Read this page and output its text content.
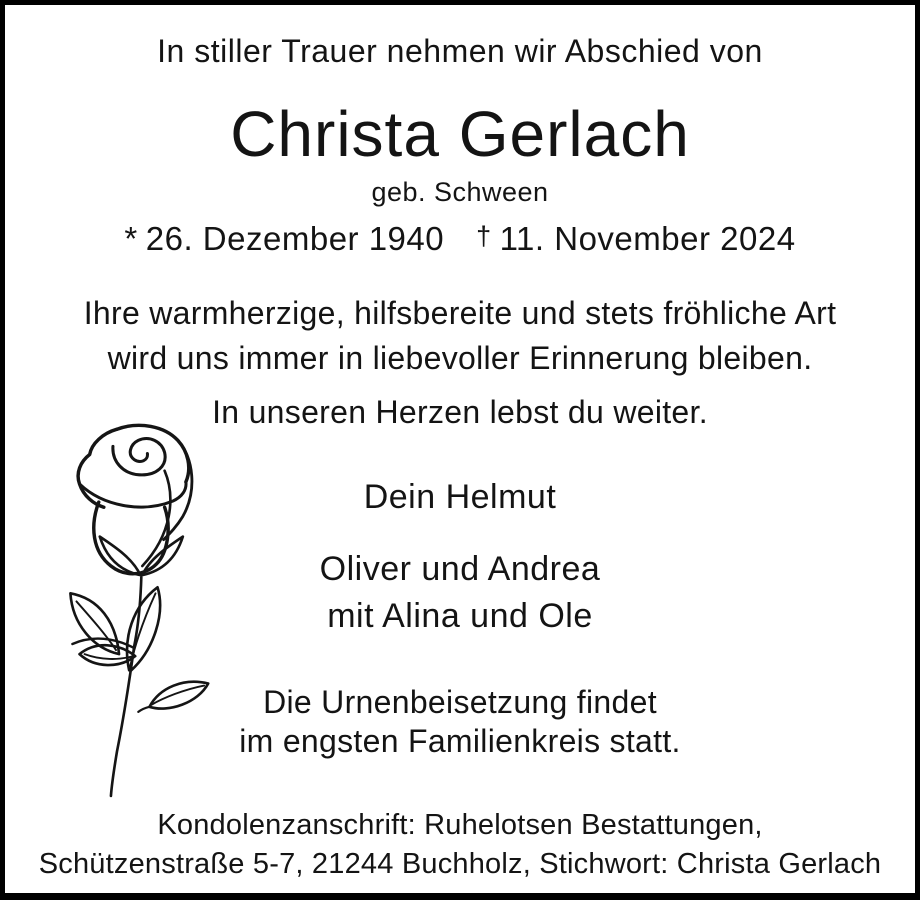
In stiller Trauer nehmen wir Abschied von
Christa Gerlach
geb. Schween
* 26. Dezember 1940 † 11. November 2024
Ihre warmherzige, hilfsbereite und stets fröhliche Art
wird uns immer in liebevoller Erinnerung bleiben.
In unseren Herzen lebst du weiter.
Dein Helmut
Oliver und Andrea
mit Alina und Ole
Die Urnenbeisetzung findet
im engsten Familienkreis statt.
Kondolenzanschrift: Ruhelotsen Bestattungen,
Schützenstraße 5-7, 21244 Buchholz, Stichwort: Christa Gerlach
